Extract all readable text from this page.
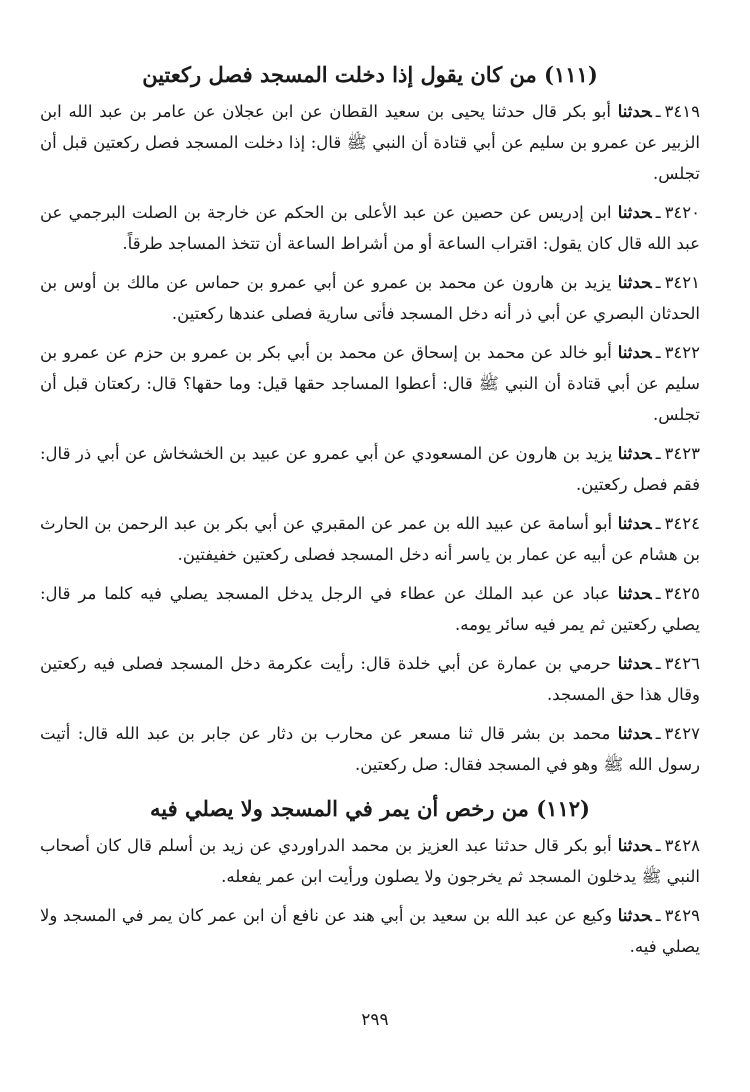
(١١١) من كان يقول إذا دخلت المسجد فصل ركعتين

٣٤١٩ـحدثنا أبو بكر قال حدثنا يحيى بن سعيد القطان عن ابن عجلان عن عامر بن عبد الله ابن الزبير عن عمرو بن سليم عن أبي قتادة أن النبي ﷺ قال: إذا دخلت المسجد فصل ركعتين قبل أن تجلس.

٣٤٢٠ـحدثنا ابن إدريس عن حصين عن عبد الأعلى بن الحكم عن خارجة بن الصلت البرجمي عن عبد الله قال كان يقول: اقتراب الساعة أو من أشراط الساعة أن تتخذ المساجد طرقاً.

٣٤٢١ـحدثنا يزيد بن هارون عن محمد بن عمرو عن أبي عمرو بن حماس عن مالك بن أوس بن الحدثان البصري عن أبي ذر أنه دخل المسجد فأتى سارية فصلى عندها ركعتين.

٣٤٢٢ـحدثنا أبو خالد عن محمد بن إسحاق عن محمد بن أبي بكر بن عمرو بن حزم عن عمرو بن سليم عن أبي قتادة أن النبي ﷺ قال: أعطوا المساجد حقها قيل: وما حقها؟ قال: ركعتان قبل أن تجلس.

٣٤٢٣ـحدثنا يزيد بن هارون عن المسعودي عن أبي عمرو عن عبيد بن الخشخاش عن أبي ذر قال: فقم فصل ركعتين.

٣٤٢٤ـحدثنا أبو أسامة عن عبيد الله بن عمر عن المقبري عن أبي بكر بن عبد الرحمن بن الحارث بن هشام عن أبيه عن عمار بن ياسر أنه دخل المسجد فصلى ركعتين خفيفتين.

٣٤٢٥ـحدثنا عباد عن عبد الملك عن عطاء في الرجل يدخل المسجد يصلي فيه كلما مر قال: يصلي ركعتين ثم يمر فيه سائر يومه.

٣٤٢٦ـحدثنا حرمي بن عمارة عن أبي خلدة قال: رأيت عكرمة دخل المسجد فصلى فيه ركعتين وقال هذا حق المسجد.

٣٤٢٧ـحدثنا محمد بن بشر قال ثنا مسعر عن محارب بن دثار عن جابر بن عبد الله قال: أتيت رسول الله ﷺ وهو في المسجد فقال: صل ركعتين.

(١١٢) من رخص أن يمر في المسجد ولا يصلي فيه

٣٤٢٨ـحدثنا أبو بكر قال حدثنا عبد العزيز بن محمد الدراوردي عن زيد بن أسلم قال كان أصحاب النبي ﷺ يدخلون المسجد ثم يخرجون ولا يصلون ورأيت ابن عمر يفعله.

٣٤٢٩ـحدثنا وكيع عن عبد الله بن سعيد بن أبي هند عن نافع أن ابن عمر كان يمر في المسجد ولا يصلي فيه.

٢٩٩
